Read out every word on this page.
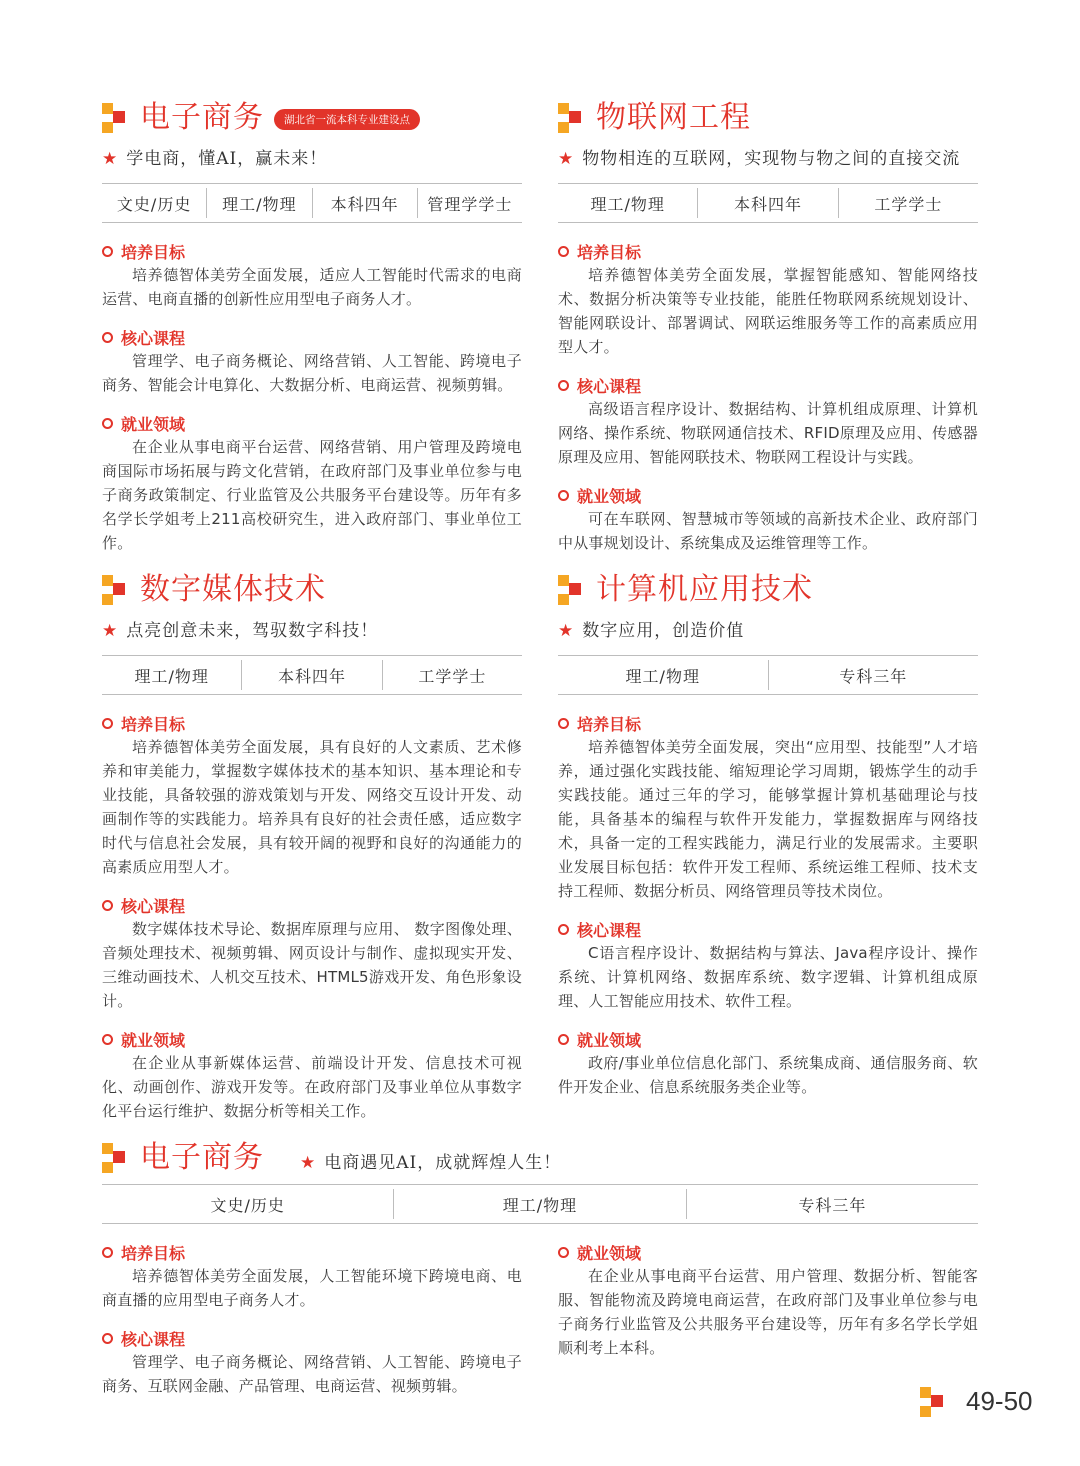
电子商务	湖北省一流本科专业建设点
★ 学电商，懂AI，赢未来！
文史/历史	理工/物理	本科四年	管理学学士
培养目标

培养德智体美劳全面发展，适应人工智能时代需求的电商运营、电商直播的创新性应用型电子商务人才。

核心课程

管理学、电子商务概论、网络营销、人工智能、跨境电子商务、智能会计电算化、大数据分析、电商运营、视频剪辑。

就业领域

在企业从事电商平台运营、网络营销、用户管理及跨境电商国际市场拓展与跨文化营销，在政府部门及事业单位参与电子商务政策制定、行业监管及公共服务平台建设等。历年有多名学长学姐考上211高校研究生，进入政府部门、事业单位工作。

物联网工程
★ 物物相连的互联网，实现物与物之间的直接交流
理工/物理	本科四年	工学学士
培养目标

培养德智体美劳全面发展，掌握智能感知、智能网络技术、数据分析决策等专业技能，能胜任物联网系统规划设计、智能网联设计、部署调试、网联运维服务等工作的高素质应用型人才。

核心课程

高级语言程序设计、数据结构、计算机组成原理、计算机网络、操作系统、物联网通信技术、RFID原理及应用、传感器原理及应用、智能网联技术、物联网工程设计与实践。

就业领域

可在车联网、智慧城市等领域的高新技术企业、政府部门中从事规划设计、系统集成及运维管理等工作。

数字媒体技术
★ 点亮创意未来，驾驭数字科技！
理工/物理	本科四年	工学学士
培养目标

培养德智体美劳全面发展，具有良好的人文素质、艺术修养和审美能力，掌握数字媒体技术的基本知识、基本理论和专业技能，具备较强的游戏策划与开发、网络交互设计开发、动画制作等的实践能力。培养具有良好的社会责任感，适应数字时代与信息社会发展，具有较开阔的视野和良好的沟通能力的高素质应用型人才。

核心课程

数字媒体技术导论、数据库原理与应用、 数字图像处理、音频处理技术、视频剪辑、网页设计与制作、虚拟现实开发、三维动画技术、人机交互技术、HTML5游戏开发、角色形象设计。

就业领域

在企业从事新媒体运营、前端设计开发、信息技术可视化、动画创作、游戏开发等。在政府部门及事业单位从事数字化平台运行维护、数据分析等相关工作。

计算机应用技术
★ 数字应用，创造价值
理工/物理	专科三年
培养目标

培养德智体美劳全面发展，突出“应用型、技能型”人才培养，通过强化实践技能、缩短理论学习周期，锻炼学生的动手实践技能。通过三年的学习，能够掌握计算机基础理论与技能，具备基本的编程与软件开发能力，掌握数据库与网络技术，具备一定的工程实践能力，满足行业的发展需求。主要职业发展目标包括：软件开发工程师、系统运维工程师、技术支持工程师、数据分析员、网络管理员等技术岗位。

核心课程

C语言程序设计、数据结构与算法、Java程序设计、操作系统、计算机网络、数据库系统、数字逻辑、计算机组成原理、人工智能应用技术、软件工程。

就业领域

政府/事业单位信息化部门、系统集成商、通信服务商、软件开发企业、信息系统服务类企业等。

电子商务 ★ 电商遇见AI，成就辉煌人生！
文史/历史	理工/物理	专科三年
培养目标

培养德智体美劳全面发展，人工智能环境下跨境电商、电商直播的应用型电子商务人才。

核心课程

管理学、电子商务概论、网络营销、人工智能、跨境电子商务、互联网金融、产品管理、电商运营、视频剪辑。

就业领域

在企业从事电商平台运营、用户管理、数据分析、智能客服、智能物流及跨境电商运营，在政府部门及事业单位参与电子商务行业监管及公共服务平台建设等，历年有多名学长学姐顺利考上本科。

49-50
